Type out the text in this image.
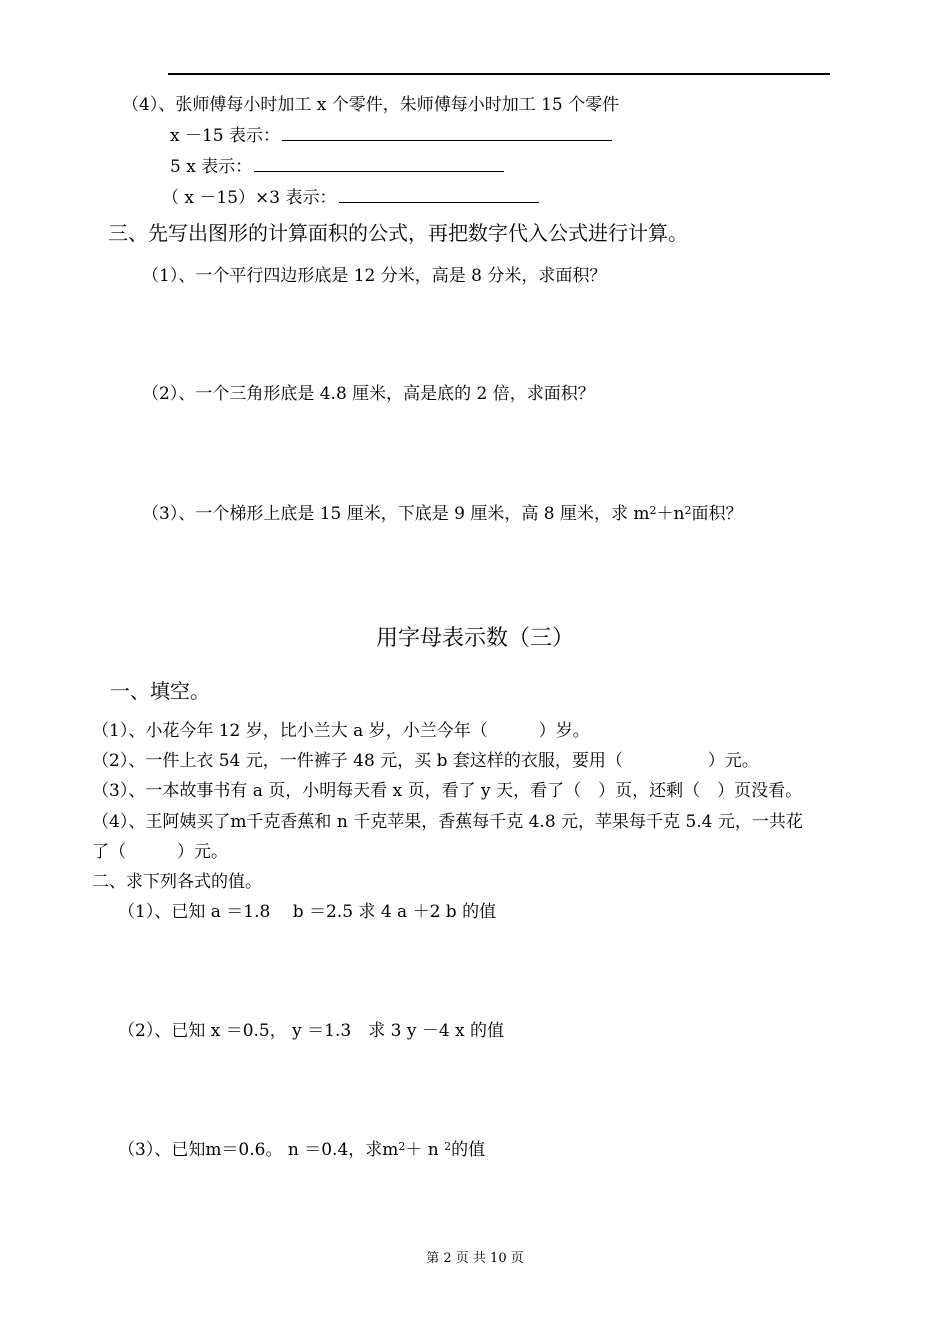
（4）、张师傅每小时加工 x 个零件，朱师傅每小时加工 15 个零件
x －15 表示：
5 x 表示：
（ x －15）×3 表示：
三、先写出图形的计算面积的公式，再把数字代入公式进行计算。
（1）、一个平行四边形底是 12 分米，高是 8 分米，求面积？
（2）、一个三角形底是 4.8 厘米，高是底的 2 倍，求面积？
（3）、一个梯形上底是 15 厘米，下底是 9 厘米，高 8 厘米，求 $m^2+n^2$面积？
用字母表示数（三）
一、填空。
（1）、小花今年 12 岁，比小兰大 a 岁，小兰今年（　　　）岁。
（2）、一件上衣 54 元，一件裤子 48 元，买 b 套这样的衣服，要用（　　　　　）元。
（3）、一本故事书有 a 页，小明每天看 x 页，看了 y 天，看了（　）页，还剩（　）页没看。
（4）、王阿姨买了m千克香蕉和 n 千克苹果，香蕉每千克 4.8 元，苹果每千克 5.4 元，一共花
了（　　　）元。
二、求下列各式的值。
（1）、已知 a ＝1.8　 b ＝2.5 求 4 a ＋2 b 的值
（2）、已知 x ＝0.5， y ＝1.3　求 3 y －4 x 的值
（3）、已知m＝0.6。 n ＝0.4，求$m^2+ n$ $^2$的值
第 2 页 共 10 页
